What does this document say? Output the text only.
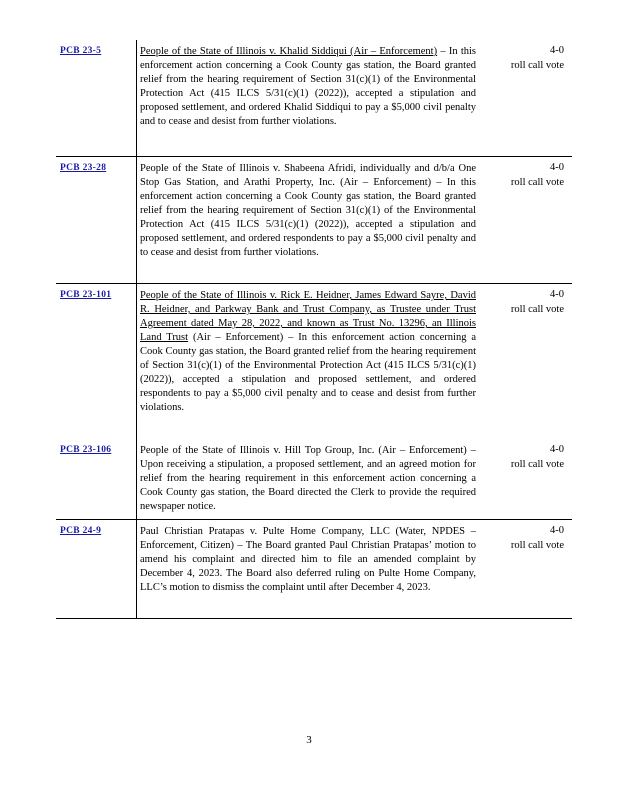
PCB 23-5	People of the State of Illinois v. Khalid Siddiqui (Air – Enforcement) – In this enforcement action concerning a Cook County gas station, the Board granted relief from the hearing requirement of Section 31(c)(1) of the Environmental Protection Act (415 ILCS 5/31(c)(1) (2022)), accepted a stipulation and proposed settlement, and ordered Khalid Siddiqui to pay a $5,000 civil penalty and to cease and desist from further violations.
4-0
roll call vote
PCB 23-28	People of the State of Illinois v. Shabeena Afridi, individually and d/b/a One Stop Gas Station, and Arathi Property, Inc. (Air – Enforcement) – In this enforcement action concerning a Cook County gas station, the Board granted relief from the hearing requirement of Section 31(c)(1) of the Environmental Protection Act (415 ILCS 5/31(c)(1) (2022)), accepted a stipulation and proposed settlement, and ordered respondents to pay a $5,000 civil penalty and to cease and desist from further violations.
4-0
roll call vote
PCB 23-101	People of the State of Illinois v. Rick E. Heidner, James Edward Sayre, David R. Heidner, and Parkway Bank and Trust Company, as Trustee under Trust Agreement dated May 28, 2022, and known as Trust No. 13296, an Illinois Land Trust (Air – Enforcement) – In this enforcement action concerning a Cook County gas station, the Board granted relief from the hearing requirement of Section 31(c)(1) of the Environmental Protection Act (415 ILCS 5/31(c)(1) (2022)), accepted a stipulation and proposed settlement, and ordered respondents to pay a $5,000 civil penalty and to cease and desist from further violations.
4-0
roll call vote
PCB 23-106	People of the State of Illinois v. Hill Top Group, Inc. (Air – Enforcement) – Upon receiving a stipulation, a proposed settlement, and an agreed motion for relief from the hearing requirement in this enforcement action concerning a Cook County gas station, the Board directed the Clerk to provide the required newspaper notice.
4-0
roll call vote
PCB 24-9	Paul Christian Pratapas v. Pulte Home Company, LLC (Water, NPDES – Enforcement, Citizen) – The Board granted Paul Christian Pratapas’ motion to amend his complaint and directed him to file an amended complaint by December 4, 2023. The Board also deferred ruling on Pulte Home Company, LLC’s motion to dismiss the complaint until after December 4, 2023.
4-0
roll call vote
3
